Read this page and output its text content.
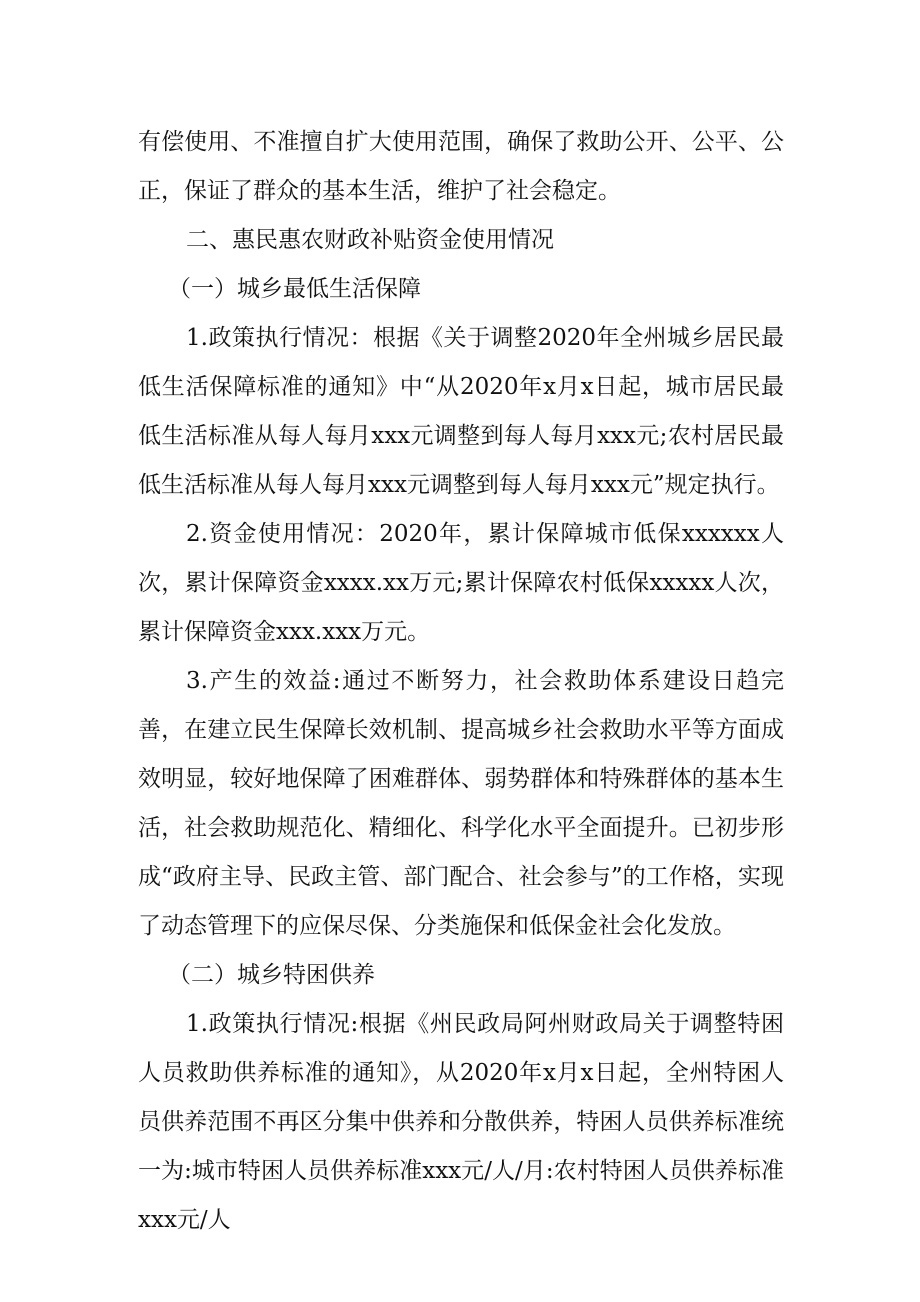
有偿使用、不准擅自扩大使用范围，确保了救助公开、公平、公正，保证了群众的基本生活，维护了社会稳定。

二、惠民惠农财政补贴资金使用情况

（一）城乡最低生活保障

1.政策执行情况：根据《关于调整2020年全州城乡居民最低生活保障标准的通知》中“从2020年x月x日起，城市居民最低生活标准从每人每月xxx元调整到每人每月xxx元;农村居民最低生活标准从每人每月xxx元调整到每人每月xxx元”规定执行。

2.资金使用情况：2020年，累计保障城市低保xxxxxx人次，累计保障资金xxxx.xx万元;累计保障农村低保xxxxx人次，累计保障资金xxx.xxx万元。

3.产生的效益:通过不断努力，社会救助体系建设日趋完善，在建立民生保障长效机制、提高城乡社会救助水平等方面成效明显，较好地保障了困难群体、弱势群体和特殊群体的基本生活，社会救助规范化、精细化、科学化水平全面提升。已初步形成“政府主导、民政主管、部门配合、社会参与”的工作格，实现了动态管理下的应保尽保、分类施保和低保金社会化发放。

（二）城乡特困供养

1.政策执行情况:根据《州民政局阿州财政局关于调整特困人员救助供养标准的通知》，从2020年x月x日起，全州特困人员供养范围不再区分集中供养和分散供养，特困人员供养标准统一为:城市特困人员供养标准xxx元/人/月:农村特困人员供养标准xxx元/人
